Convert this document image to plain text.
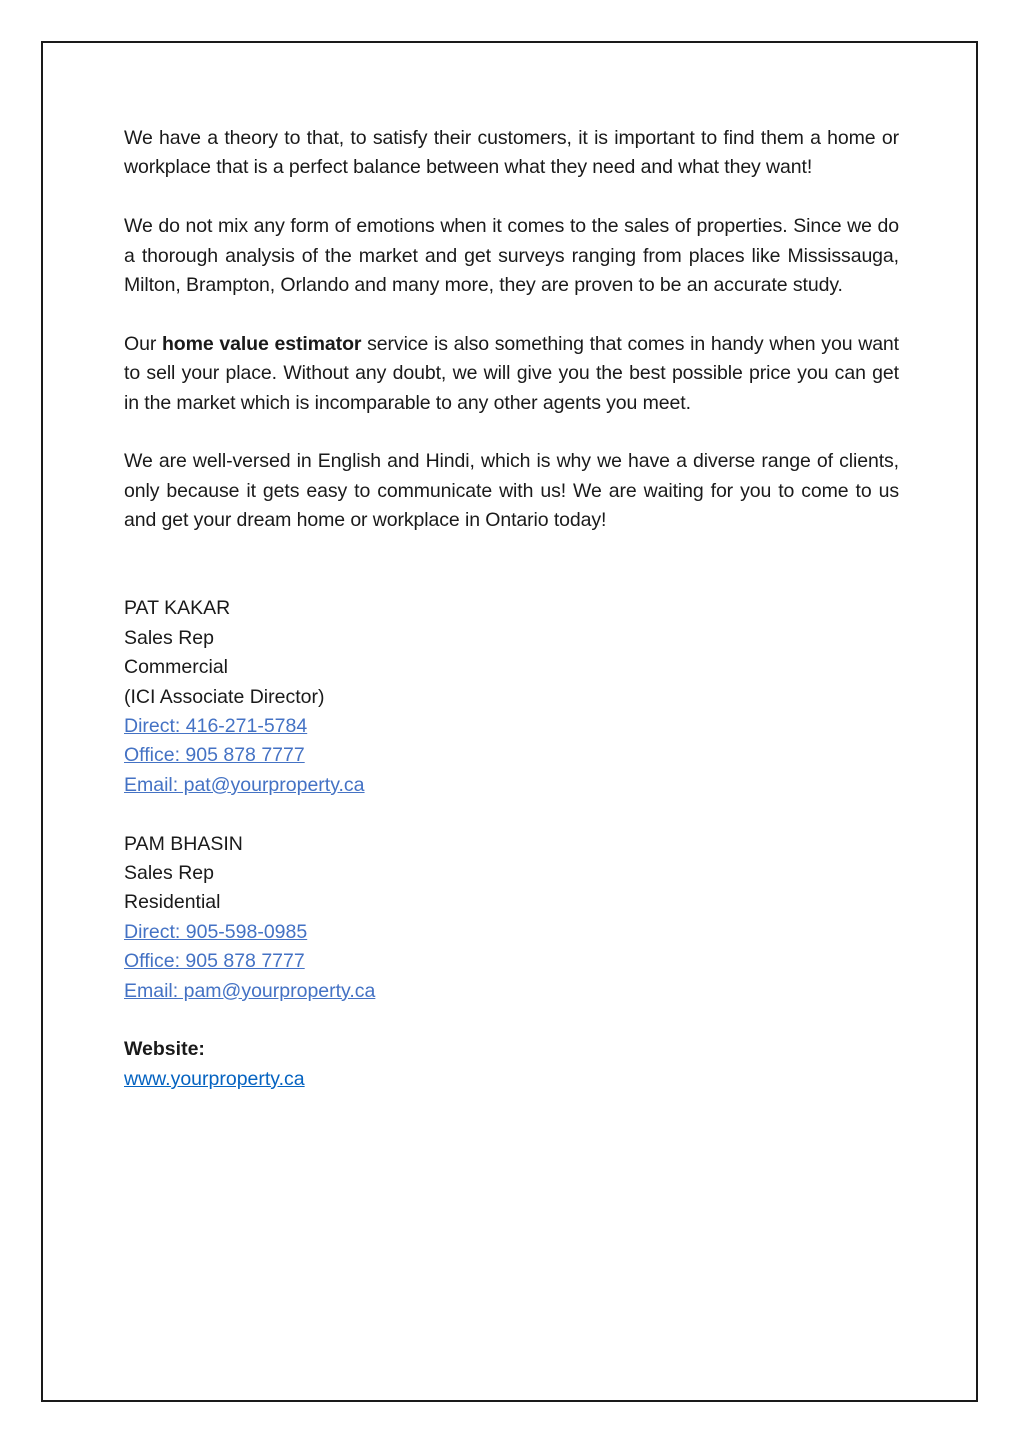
We have a theory to that, to satisfy their customers, it is important to find them a home or workplace that is a perfect balance between what they need and what they want!

We do not mix any form of emotions when it comes to the sales of properties. Since we do a thorough analysis of the market and get surveys ranging from places like Mississauga, Milton, Brampton, Orlando and many more, they are proven to be an accurate study.

Our home value estimator service is also something that comes in handy when you want to sell your place. Without any doubt, we will give you the best possible price you can get in the market which is incomparable to any other agents you meet.

We are well-versed in English and Hindi, which is why we have a diverse range of clients, only because it gets easy to communicate with us! We are waiting for you to come to us and get your dream home or workplace in Ontario today!

PAT KAKAR
Sales Rep
Commercial
(ICI Associate Director)
Direct: 416-271-5784
Office: 905 878 7777
Email: pat@yourproperty.ca
PAM BHASIN
Sales Rep
Residential
Direct: 905-598-0985
Office: 905 878 7777
Email: pam@yourproperty.ca
Website:
www.yourproperty.ca
